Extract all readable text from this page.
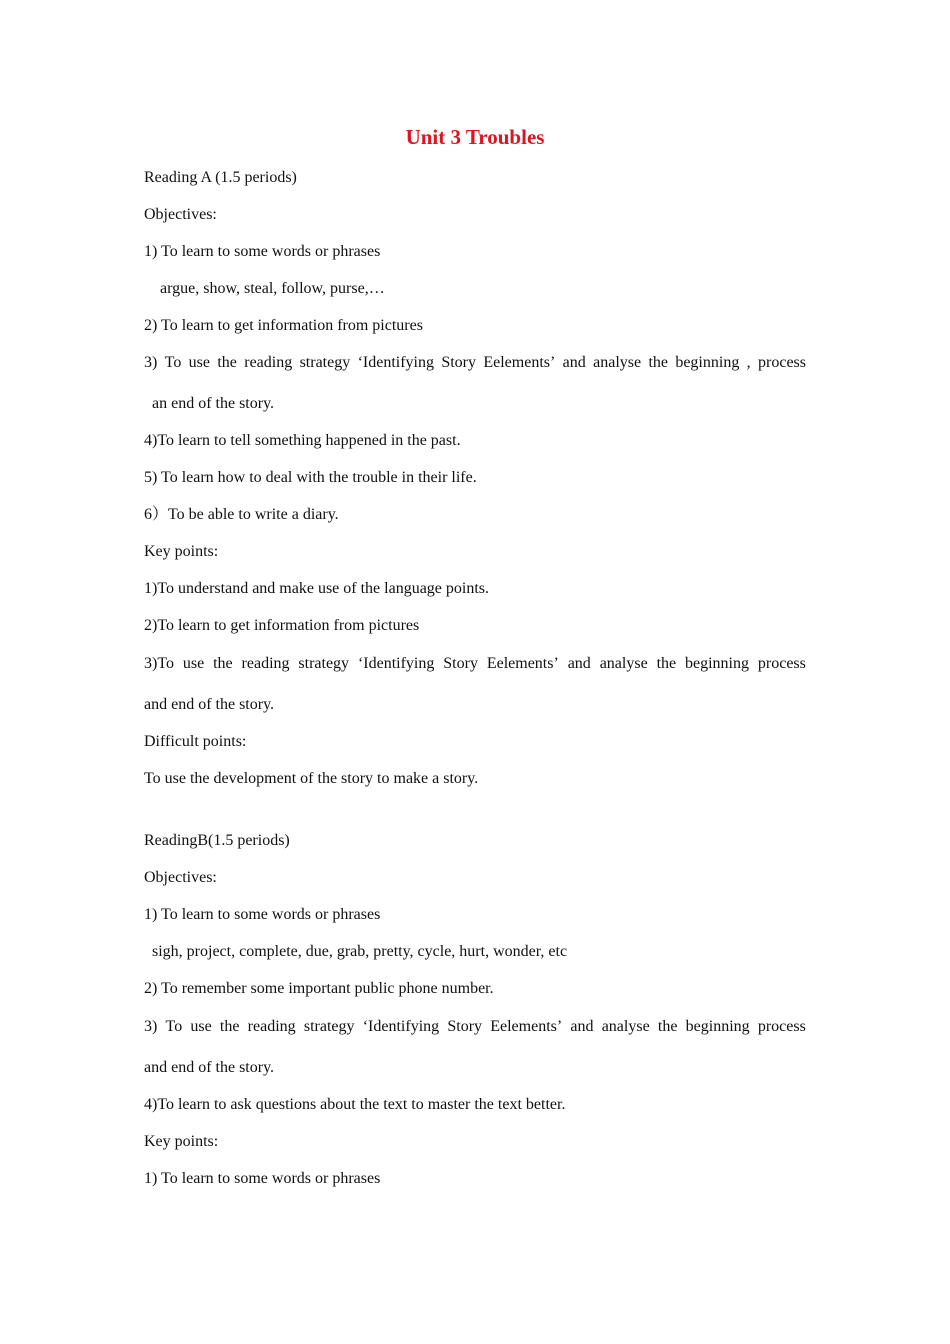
Unit 3 Troubles

Reading A (1.5 periods)

Objectives:

1) To learn to some words or phrases

argue, show, steal, follow, purse,…

2) To learn to get information from pictures

3) To use the reading strategy ‘Identifying Story Eelements’ and analyse the beginning , process

an end of the story.

4)To learn to tell something happened in the past.

5) To learn how to deal with the trouble in their life.

6）To be able to write a diary.

Key points:

1)To understand and make use of the language points.

2)To learn to get information from pictures

3)To use the reading strategy ‘Identifying Story Eelements’ and analyse the beginning process

and end of the story.

Difficult points:

To use the development of the story to make a story.

ReadingB(1.5 periods)

Objectives:

1) To learn to some words or phrases

sigh, project, complete, due, grab, pretty, cycle, hurt, wonder, etc

2) To remember some important public phone number.

3) To use the reading strategy ‘Identifying Story Eelements’ and analyse the beginning process

and end of the story.

4)To learn to ask questions about the text to master the text better.

Key points:

1) To learn to some words or phrases
